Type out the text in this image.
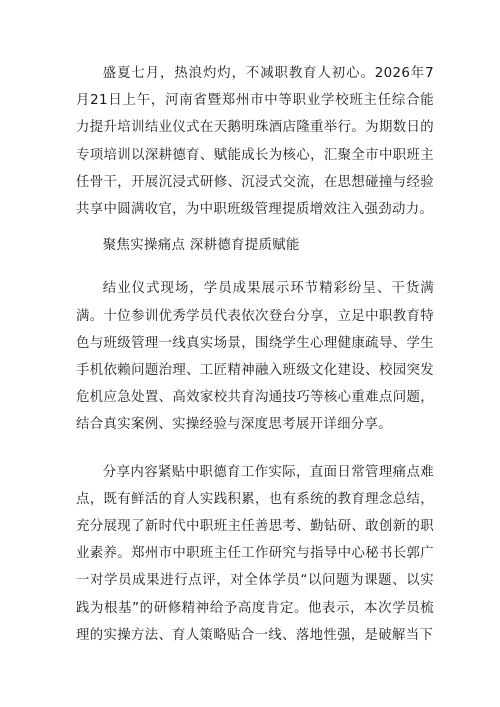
盛夏七月，热浪灼灼，不减职教育人初心。2026年7月21日上午，河南省暨郑州市中等职业学校班主任综合能力提升培训结业仪式在天鹅明珠酒店隆重举行。为期数日的专项培训以深耕德育、赋能成长为核心，汇聚全市中职班主任骨干，开展沉浸式研修、沉浸式交流，在思想碰撞与经验共享中圆满收官，为中职班级管理提质增效注入强劲动力。

聚焦实操痛点 深耕德育提质赋能

结业仪式现场，学员成果展示环节精彩纷呈、干货满满。十位参训优秀学员代表依次登台分享，立足中职教育特色与班级管理一线真实场景，围绕学生心理健康疏导、学生手机依赖问题治理、工匠精神融入班级文化建设、校园突发危机应急处置、高效家校共育沟通技巧等核心重难点问题，结合真实案例、实操经验与深度思考展开详细分享。

分享内容紧贴中职德育工作实际，直面日常管理痛点难点，既有鲜活的育人实践积累，也有系统的教育理念总结，充分展现了新时代中职班主任善思考、勤钻研、敢创新的职业素养。郑州市中职班主任工作研究与指导中心秘书长郭广一对学员成果进行点评，对全体学员“以问题为课题、以实践为根基”的研修精神给予高度肯定。他表示，本次学员梳理的实操方法、育人策略贴合一线、落地性强，是破解当下
